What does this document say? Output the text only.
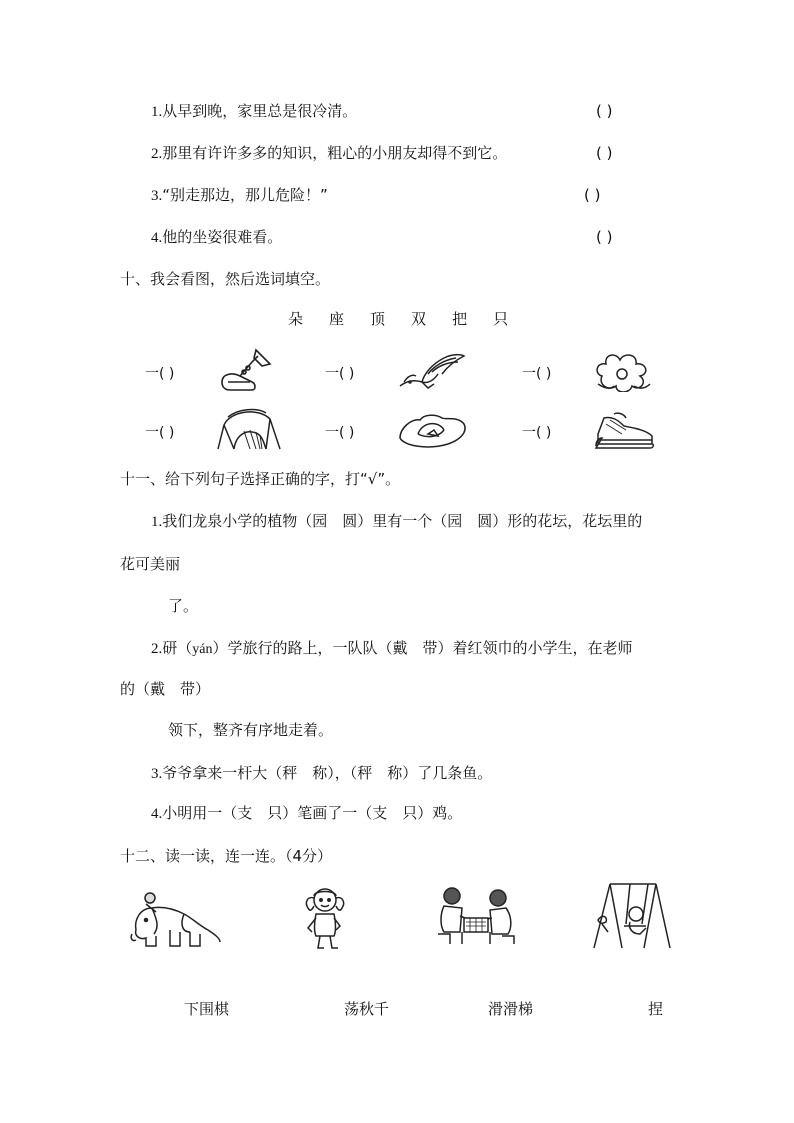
1.从早到晚，家里总是很冷清。	( )
2.那里有许许多多的知识，粗心的小朋友却得不到它。	( )
3.“别走那边，那儿危险！”	( )
4.他的坐姿很难看。	( )
十、我会看图，然后选词填空。
朵 座 顶 双 把 只
一( )	一( )	一( )
一( )	一( )	一( )
十一、给下列句子选择正确的字，打“√”。
1.我们龙泉小学的植物（园　圆）里有一个（园　圆）形的花坛，花坛里的
花可美丽
了。
2.研（yán）学旅行的路上，一队队（戴　带）着红领巾的小学生，在老师
的（戴　带）
领下，整齐有序地走着。
3.爷爷拿来一杆大（秤　称），（秤　称）了几条鱼。
4.小明用一（支　只）笔画了一（支　只）鸡。
十二、读一读，连一连。（4分）
下围棋	荡秋千	滑滑梯	捏
